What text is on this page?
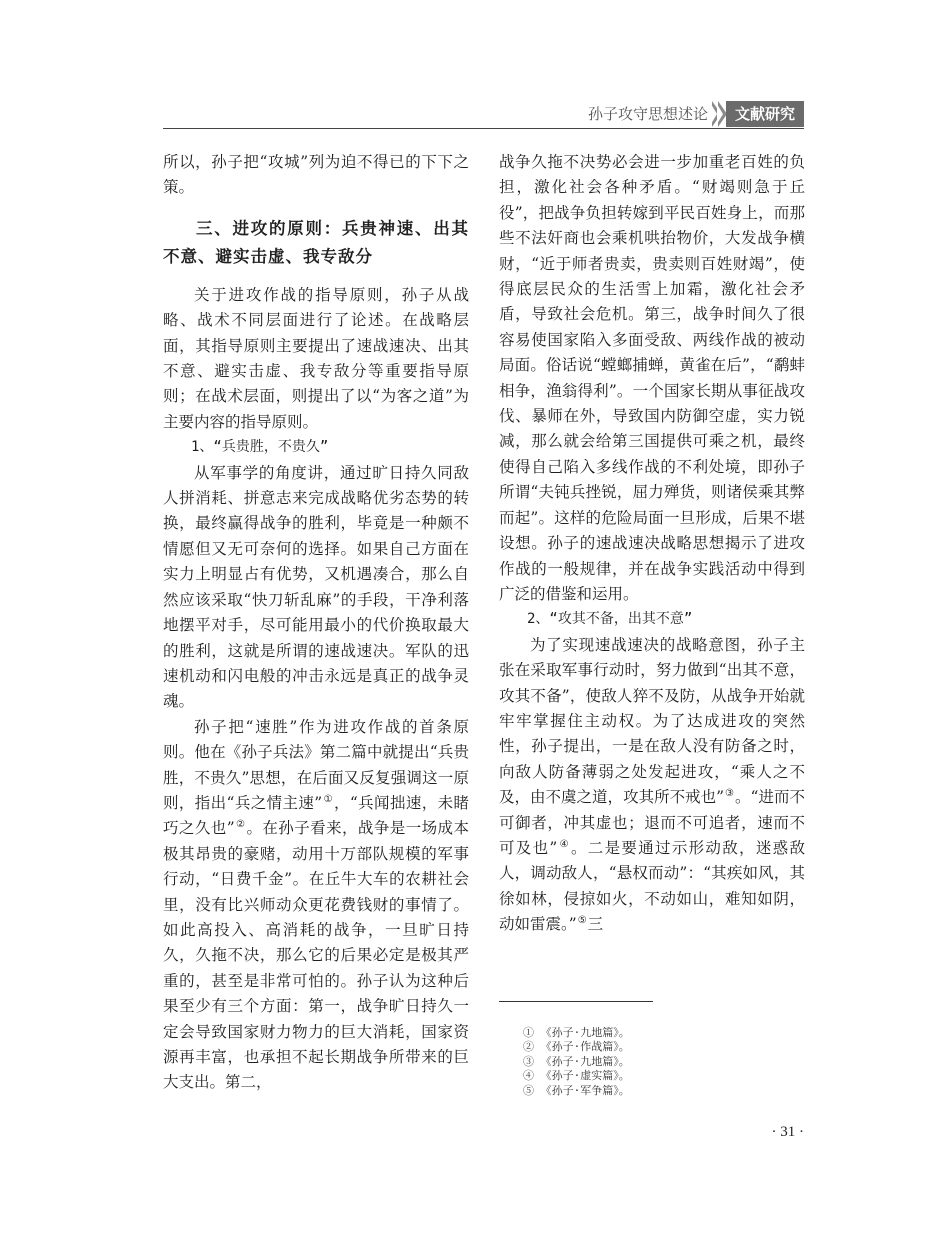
孙子攻守思想述论	文献研究

所以，孙子把“攻城”列为迫不得已的下下之策。

三、进攻的原则：兵贵神速、出其不意、避实击虚、我专敌分

关于进攻作战的指导原则，孙子从战略、战术不同层面进行了论述。在战略层面，其指导原则主要提出了速战速决、出其不意、避实击虚、我专敌分等重要指导原则；在战术层面，则提出了以“为客之道”为主要内容的指导原则。

1、“兵贵胜，不贵久”

从军事学的角度讲，通过旷日持久同敌人拼消耗、拼意志来完成战略优劣态势的转换，最终赢得战争的胜利，毕竟是一种颇不情愿但又无可奈何的选择。如果自己方面在实力上明显占有优势，又机遇凑合，那么自然应该采取“快刀斩乱麻”的手段，干净利落地摆平对手，尽可能用最小的代价换取最大的胜利，这就是所谓的速战速决。军队的迅速机动和闪电般的冲击永远是真正的战争灵魂。

孙子把“速胜”作为进攻作战的首条原则。他在《孙子兵法》第二篇中就提出“兵贵胜，不贵久”思想，在后面又反复强调这一原则，指出“兵之情主速”①，“兵闻拙速，未睹巧之久也”②。在孙子看来，战争是一场成本极其昂贵的豪赌，动用十万部队规模的军事行动，“日费千金”。在丘牛大车的农耕社会里，没有比兴师动众更花费钱财的事情了。如此高投入、高消耗的战争，一旦旷日持久，久拖不决，那么它的后果必定是极其严重的，甚至是非常可怕的。孙子认为这种后果至少有三个方面：第一，战争旷日持久一定会导致国家财力物力的巨大消耗，国家资源再丰富，也承担不起长期战争所带来的巨大支出。第二，

战争久拖不决势必会进一步加重老百姓的负担，激化社会各种矛盾。“财竭则急于丘役”，把战争负担转嫁到平民百姓身上，而那些不法奸商也会乘机哄抬物价，大发战争横财，“近于师者贵卖，贵卖则百姓财竭”，使得底层民众的生活雪上加霜，激化社会矛盾，导致社会危机。第三，战争时间久了很容易使国家陷入多面受敌、两线作战的被动局面。俗话说“螳螂捕蝉，黄雀在后”，“鹬蚌相争，渔翁得利”。一个国家长期从事征战攻伐、暴师在外，导致国内防御空虚，实力锐减，那么就会给第三国提供可乘之机，最终使得自己陷入多线作战的不利处境，即孙子所谓“夫钝兵挫锐，屈力殚货，则诸侯乘其弊而起”。这样的危险局面一旦形成，后果不堪设想。孙子的速战速决战略思想揭示了进攻作战的一般规律，并在战争实践活动中得到广泛的借鉴和运用。

2、“攻其不备，出其不意”

为了实现速战速决的战略意图，孙子主张在采取军事行动时，努力做到“出其不意，攻其不备”，使敌人猝不及防，从战争开始就牢牢掌握住主动权。为了达成进攻的突然性，孙子提出，一是在敌人没有防备之时，向敌人防备薄弱之处发起进攻，“乘人之不及，由不虞之道，攻其所不戒也”③。“进而不可御者，冲其虚也；退而不可追者，速而不可及也”④。二是要通过示形动敌，迷惑敌人，调动敌人，“悬权而动”：“其疾如风，其徐如林，侵掠如火，不动如山，难知如阴，动如雷震。”⑤三

① 《孙子·九地篇》。
② 《孙子·作战篇》。
③ 《孙子·九地篇》。
④ 《孙子·虚实篇》。
⑤ 《孙子·军争篇》。
· 31 ·
